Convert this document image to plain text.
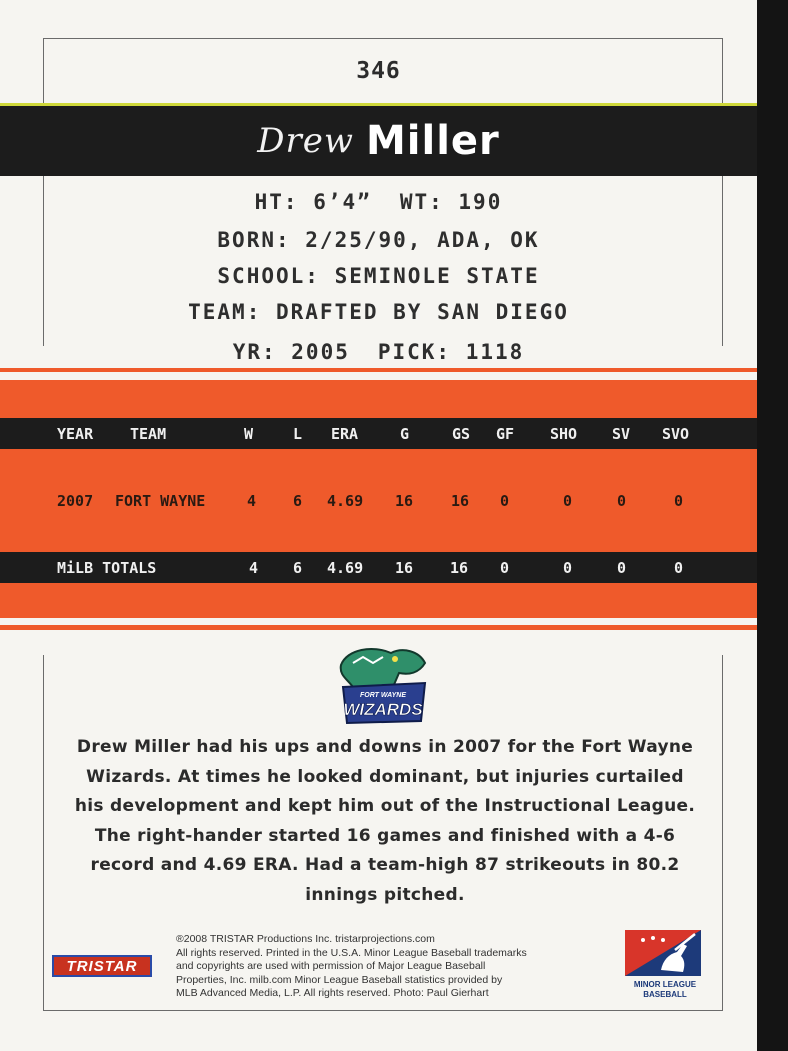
346
Drew Miller
HT: 6’4” WT: 190
BORN: 2/25/90, ADA, OK
SCHOOL: SEMINOLE STATE
TEAM: DRAFTED BY SAN DIEGO
YR: 2005 PICK: 1118
YEAR TEAM	W	L ERA	G	GS GF SHO SV SVO
2007 FORT WAYNE	4 6 4.69 16	16 0	0	0	0
MiLB TOTALS	4 6 4.69 16 16 0	0	0	0
FORT WAYNE
WIZARDS
Drew Miller had his ups and downs in 2007 for the Fort Wayne
Wizards. At times he looked dominant, but injuries curtailed
his development and kept him out of the Instructional League.
The right-hander started 16 games and finished with a 4-6
record and 4.69 ERA. Had a team-high 87 strikeouts in 80.2
innings pitched.
TRISTAR
®2008 TRISTAR Productions Inc. tristarprojections.com
All rights reserved. Printed in the U.S.A. Minor League Baseball trademarks
and copyrights are used with permission of Major League Baseball
Properties, Inc. milb.com Minor League Baseball statistics provided by
MLB Advanced Media, L.P. All rights reserved. Photo: Paul Gierhart
MINOR LEAGUE
BASEBALL
